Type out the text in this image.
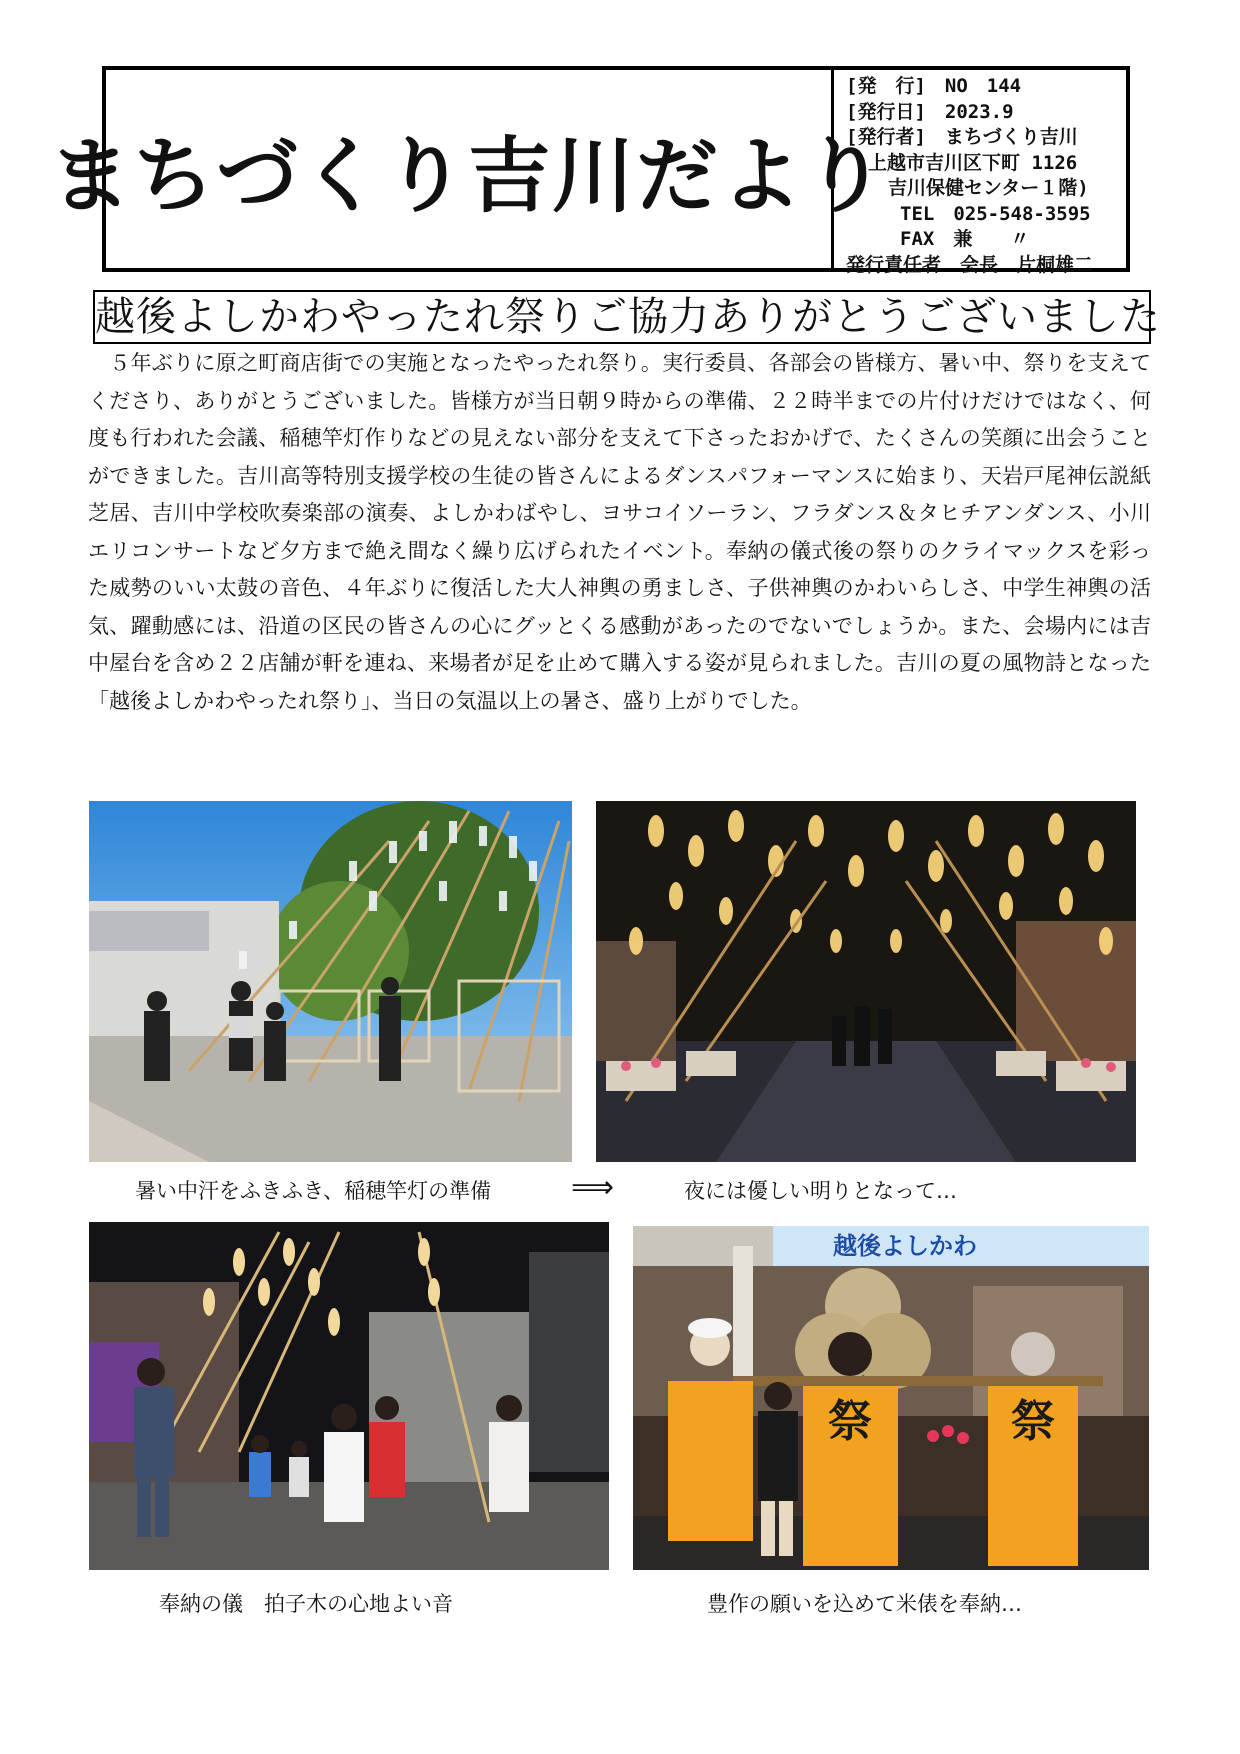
まちづくり吉川だより
[発　行]　NO　144
[発行日]　2023.9
[発行者]　まちづくり吉川
上越市吉川区下町 1126
吉川保健センター１階)
TEL　025-548-3595
FAX　兼　　〃
発行責任者　会長　片桐雄二
越後よしかわやったれ祭りご協力ありがとうございました
　５年ぶりに原之町商店街での実施となったやったれ祭り。実行委員、各部会の皆様方、暑い中、祭りを支えてくださり、ありがとうございました。皆様方が当日朝９時からの準備、２２時半までの片付けだけではなく、何度も行われた会議、稲穂竿灯作りなどの見えない部分を支えて下さったおかげで、たくさんの笑顔に出会うことができました。吉川高等特別支援学校の生徒の皆さんによるダンスパフォーマンスに始まり、天岩戸尾神伝説紙芝居、吉川中学校吹奏楽部の演奏、よしかわばやし、ヨサコイソーラン、フラダンス＆タヒチアンダンス、小川エリコンサートなど夕方まで絶え間なく繰り広げられたイベント。奉納の儀式後の祭りのクライマックスを彩った威勢のいい太鼓の音色、４年ぶりに復活した大人神輿の勇ましさ、子供神輿のかわいらしさ、中学生神輿の活気、躍動感には、沿道の区民の皆さんの心にグッとくる感動があったのでないでしょうか。また、会場内には吉中屋台を含め２２店舗が軒を連ね、来場者が足を止めて購入する姿が見られました。吉川の夏の風物詩となった「越後よしかわやったれ祭り」、当日の気温以上の暑さ、盛り上がりでした。
越後よしかわ
祭	祭
暑い中汗をふきふき、稲穂竿灯の準備	⟹	夜には優しい明りとなって…
奉納の儀　拍子木の心地よい音	豊作の願いを込めて米俵を奉納…
